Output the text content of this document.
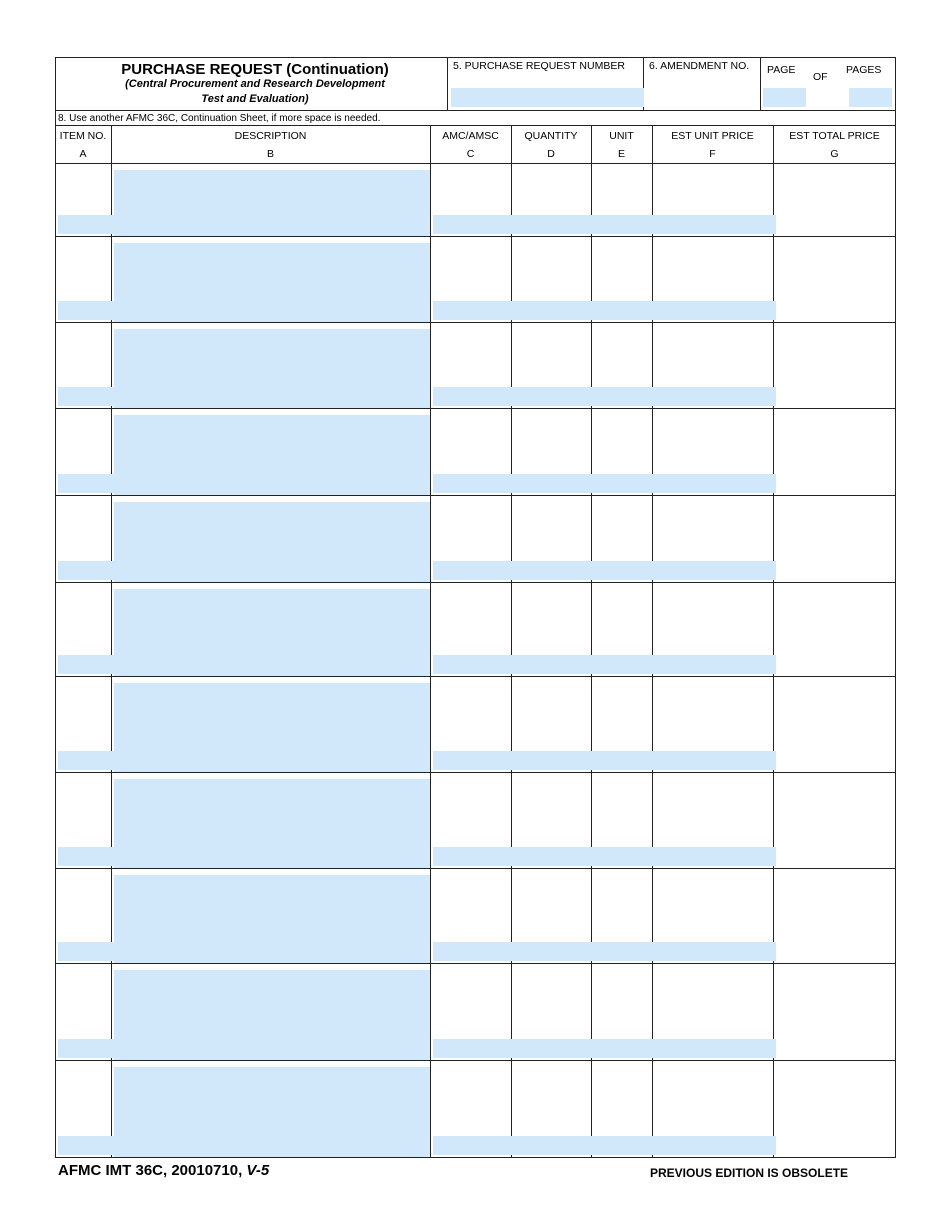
PURCHASE REQUEST (Continuation)
(Central Procurement and Research Development
Test and Evaluation)
5. PURCHASE REQUEST NUMBER 6. AMENDMENT NO. PAGE
OF
PAGES
8. Use another AFMC 36C, Continuation Sheet, if more space is needed.
ITEM NO.
A
DESCRIPTION
B
AMC/AMSC
C
QUANTITY
D
UNIT
E
EST UNIT PRICE
F
EST TOTAL PRICE
G
AFMC IMT 36C, 20010710, V-5	PREVIOUS EDITION IS OBSOLETE
